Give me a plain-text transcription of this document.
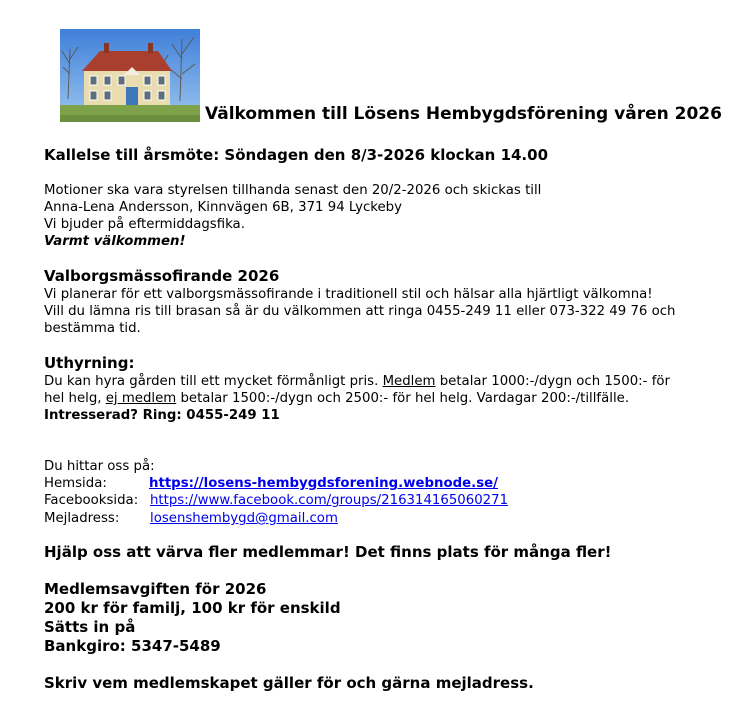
Välkommen till Lösens Hembygdsförening våren 2026
Kallelse till årsmöte: Söndagen den 8/3-2026 klockan 14.00
Motioner ska vara styrelsen tillhanda senast den 20/2-2026 och skickas till
Anna-Lena Andersson, Kinnvägen 6B, 371 94 Lyckeby
Vi bjuder på eftermiddagsfika.
Varmt välkommen!
Valborgsmässofirande 2026
Vi planerar för ett valborgsmässofirande i traditionell stil och hälsar alla hjärtligt välkomna!
Vill du lämna ris till brasan så är du välkommen att ringa 0455-249 11 eller 073-322 49 76 och
bestämma tid.
Uthyrning:
Du kan hyra gården till ett mycket förmånligt pris. Medlem betalar 1000:-/dygn och 1500:- för
hel helg, ej medlem betalar 1500:-/dygn och 2500:- för hel helg. Vardagar 200:-/tillfälle.
Intresserad? Ring: 0455-249 11
Du hittar oss på:
Hemsida:	https://losens-hembygdsforening.webnode.se/
Facebooksida: https://www.facebook.com/groups/216314165060271
Mejladress: losenshembygd@gmail.com
Hjälp oss att värva fler medlemmar! Det finns plats för många fler!
Medlemsavgiften för 2026
200 kr för familj, 100 kr för enskild
Sätts in på
Bankgiro: 5347-5489
Skriv vem medlemskapet gäller för och gärna mejladress.
